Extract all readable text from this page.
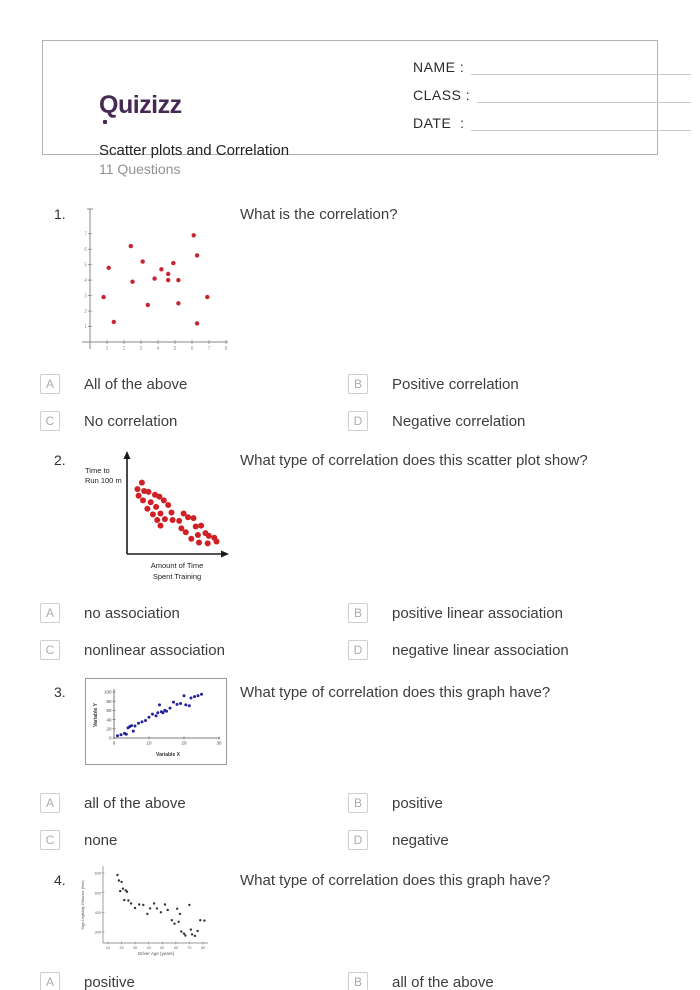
Quizizz
Scatter plots and Correlation
11 Questions
NAME :
CLASS :
DATE  :
1.	What is the correlation?
1	2	3	4	5	6	7	8
1
2
3
4
5
6
7
A	All of the above	B	Positive correlation
C	No correlation	D	Negative correlation
2.	What type of correlation does this scatter plot show?
Time to
Run 100 m
Amount of Time
Spent Training
A	no association	B	positive linear association
C	nonlinear association	D	negative linear association
3.	What type of correlation does this graph have?
Variable X
Variable Y
0	10	20	30
0
20
40
60
80
100
A	all of the above	B	positive
C	none	D	negative
4.	What type of correlation does this graph have?
Driver Age (years)
Sign Legibility Distance (feet)
10 20 30 40 50 60 70 80
300
400
500
600
A	positive	B	all of the above
